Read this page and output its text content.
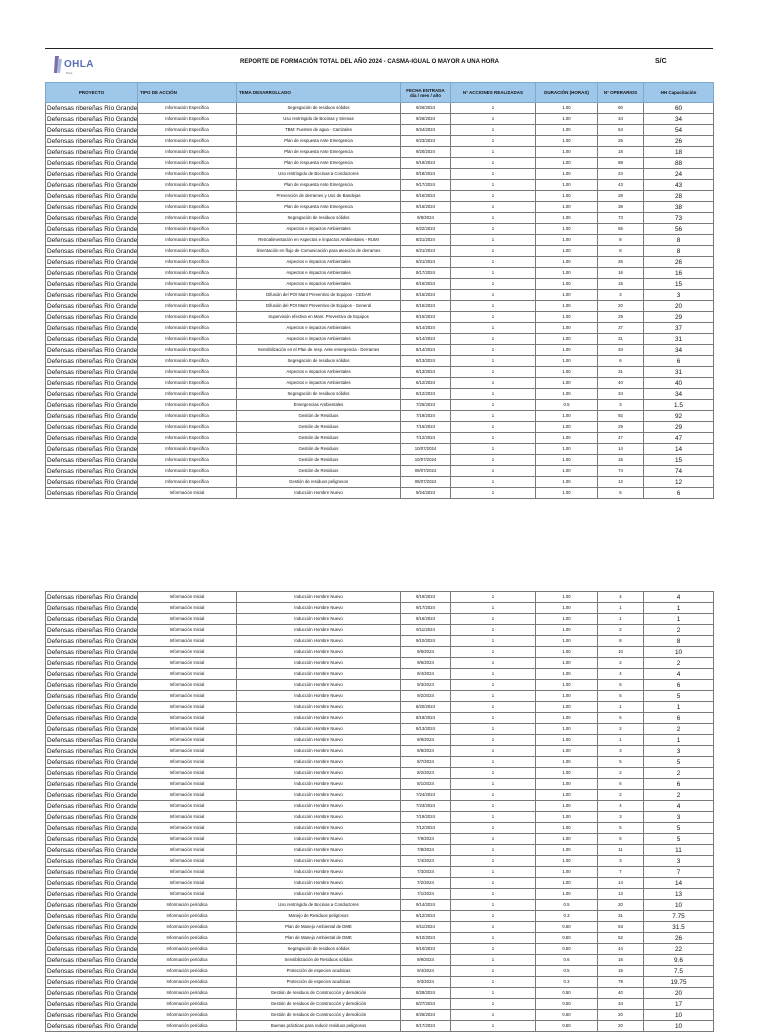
OHLA
Perú
REPORTE DE FORMACIÓN TOTAL DEL AÑO 2024 - CASMA-IGUAL O MAYOR A UNA HORA	S/C
PROYECTO	TIPO DE ACCIÓN	TEMA DESARROLLADO	FECHA ENTRADA
día / mes / año	N° ACCIONES REALIZADAS	DURACIÓN (HORAS)	N° OPERARIOS	HH Capacitación
Defensas ribereñas Río Grande	Información Específica	Segregación de residuos sólidos	9/26/2024	1	1.00	60	60
Defensas ribereñas Río Grande	Información Específica	Uso restringido de Bocinas y Sirenas	9/26/2024	1	1.00	34	34
Defensas ribereñas Río Grande	Información Específica	TBM: Fuentes de agua - Carrizales	9/24/2024	1	1.00	54	54
Defensas ribereñas Río Grande	Información Específica	Plan de respuesta Ante Emergencia	9/23/2024	1	1.00	26	26
Defensas ribereñas Río Grande	Información Específica	Plan de respuesta Ante Emergencia	9/20/2024	1	1.00	18	18
Defensas ribereñas Río Grande	Información Específica	Plan de respuesta Ante Emergencia	9/19/2024	1	1.00	88	88
Defensas ribereñas Río Grande	Información Específica	Uso restringido de Bocinas a Conductores	9/18/2024	1	1.00	24	24
Defensas ribereñas Río Grande	Información Específica	Plan de respuesta Ante Emergencia	9/17/2024	1	1.00	43	43
Defensas ribereñas Río Grande	Información Específica	Prevención de derrames y Uso de Bandejas	9/16/2024	1	1.00	28	28
Defensas ribereñas Río Grande	Información Específica	Plan de respuesta Ante Emergencia	9/16/2024	1	1.00	38	38
Defensas ribereñas Río Grande	Información Específica	Segregación de residuos sólidos	9/8/2024	1	1.00	73	73
Defensas ribereñas Río Grande	Información Específica	Aspectos e impactos Ambientales	8/22/2024	1	1.00	56	56
Defensas ribereñas Río Grande	Información Específica	Retroalimentación en Aspectos e impactos Ambientales - RUMI	8/21/2024	1	1.00	8	8
Defensas ribereñas Río Grande	Información Específica	limentación en flujo de Comunicación para atención de derrames	8/21/2024	1	1.00	8	8
Defensas ribereñas Río Grande	Información Específica	Aspectos e impactos Ambientales	8/21/2024	1	1.00	26	26
Defensas ribereñas Río Grande	Información Específica	Aspectos e impactos Ambientales	8/17/2024	1	1.00	16	16
Defensas ribereñas Río Grande	Información Específica	Aspectos e impactos Ambientales	8/16/2024	1	1.00	15	15
Defensas ribereñas Río Grande	Información Específica	Difusión del POI Mant Preventivo de Equipos - CEDAR	8/15/2024	1	1.00	3	3
Defensas ribereñas Río Grande	Información Específica	Difusión del POI Mant Preventivo de Equipos - General	8/15/2024	1	1.00	20	20
Defensas ribereñas Río Grande	Información Específica	Supervisión efectiva en Mant. Preventivo de Equipos	8/15/2024	1	1.00	29	29
Defensas ribereñas Río Grande	Información Específica	Aspectos e impactos Ambientales	8/14/2024	1	1.00	37	37
Defensas ribereñas Río Grande	Información Específica	Aspectos e impactos Ambientales	8/14/2024	1	1.00	31	31
Defensas ribereñas Río Grande	Información Específica	Sensibilización en el Plan de resp. Ante emergencia - Derrames	8/14/2024	1	1.00	34	34
Defensas ribereñas Río Grande	Información Específica	Segregación de residuos sólidos	8/13/2024	1	1.00	6	6
Defensas ribereñas Río Grande	Información Específica	Aspectos e impactos Ambientales	8/13/2024	1	1.00	31	31
Defensas ribereñas Río Grande	Información Específica	Aspectos e impactos Ambientales	8/12/2024	1	1.00	40	40
Defensas ribereñas Río Grande	Información Específica	Segregación de residuos sólidos	8/12/2024	1	1.00	34	34
Defensas ribereñas Río Grande	Información Específica	Emergencias Ambientales	7/25/2024	1	0.5	3	1.5
Defensas ribereñas Río Grande	Información Específica	Gestión de Residuos	7/19/2024	1	1.00	92	92
Defensas ribereñas Río Grande	Información Específica	Gestión de Residuos	7/16/2024	1	1.00	29	29
Defensas ribereñas Río Grande	Información Específica	Gestión de Residuos	7/12/2024	1	1.00	47	47
Defensas ribereñas Río Grande	Información Específica	Gestión de Residuos	10/07/2024	1	1.00	14	14
Defensas ribereñas Río Grande	Información Específica	Gestión de Residuos	10/07/2024	1	1.00	15	15
Defensas ribereñas Río Grande	Información Específica	Gestión de Residuos	09/07/2024	1	1.00	74	74
Defensas ribereñas Río Grande	Información Específica	Gestión de residuos peligrosos	08/07/2024	1	1.00	12	12
Defensas ribereñas Río Grande	Información Inicial	Inducción Hombre Nuevo	9/24/2024	1	1.00	6	6
Defensas ribereñas Río Grande	Información Inicial	Inducción Hombre Nuevo	9/19/2024	1	1.00	4	4
Defensas ribereñas Río Grande	Información Inicial	Inducción Hombre Nuevo	9/17/2024	1	1.00	1	1
Defensas ribereñas Río Grande	Información Inicial	Inducción Hombre Nuevo	9/16/2024	1	1.00	1	1
Defensas ribereñas Río Grande	Información Inicial	Inducción Hombre Nuevo	9/11/2024	1	1.00	2	2
Defensas ribereñas Río Grande	Información Inicial	Inducción Hombre Nuevo	9/10/2024	1	1.00	8	8
Defensas ribereñas Río Grande	Información Inicial	Inducción Hombre Nuevo	9/6/2024	1	1.00	10	10
Defensas ribereñas Río Grande	Información Inicial	Inducción Hombre Nuevo	9/6/2024	1	1.00	2	2
Defensas ribereñas Río Grande	Información Inicial	Inducción Hombre Nuevo	9/4/2024	1	1.00	4	4
Defensas ribereñas Río Grande	Información Inicial	Inducción Hombre Nuevo	9/3/2024	1	1.00	6	6
Defensas ribereñas Río Grande	Información Inicial	Inducción Hombre Nuevo	9/2/2024	1	1.00	5	5
Defensas ribereñas Río Grande	Información Inicial	Inducción Hombre Nuevo	8/20/2024	1	1.00	1	1
Defensas ribereñas Río Grande	Información Inicial	Inducción Hombre Nuevo	8/19/2024	1	1.00	6	6
Defensas ribereñas Río Grande	Información Inicial	Inducción Hombre Nuevo	8/13/2024	1	1.00	2	2
Defensas ribereñas Río Grande	Información Inicial	Inducción Hombre Nuevo	8/9/2024	1	1.00	1	1
Defensas ribereñas Río Grande	Información Inicial	Inducción Hombre Nuevo	8/8/2024	1	1.00	3	3
Defensas ribereñas Río Grande	Información Inicial	Inducción Hombre Nuevo	8/7/2024	1	1.00	5	5
Defensas ribereñas Río Grande	Información Inicial	Inducción Hombre Nuevo	8/2/2024	1	1.00	2	2
Defensas ribereñas Río Grande	Información Inicial	Inducción Hombre Nuevo	8/1/2024	1	1.00	6	6
Defensas ribereñas Río Grande	Información Inicial	Inducción Hombre Nuevo	7/24/2024	1	1.00	2	2
Defensas ribereñas Río Grande	Información Inicial	Inducción Hombre Nuevo	7/23/2024	1	1.00	4	4
Defensas ribereñas Río Grande	Información Inicial	Inducción Hombre Nuevo	7/19/2024	1	1.00	3	3
Defensas ribereñas Río Grande	Información Inicial	Inducción Hombre Nuevo	7/12/2024	1	1.00	5	5
Defensas ribereñas Río Grande	Información Inicial	Inducción Hombre Nuevo	7/9/2024	1	1.00	5	5
Defensas ribereñas Río Grande	Información Inicial	Inducción Hombre Nuevo	7/8/2024	1	1.00	11	11
Defensas ribereñas Río Grande	Información Inicial	Inducción Hombre Nuevo	7/4/2024	1	1.00	3	3
Defensas ribereñas Río Grande	Información Inicial	Inducción Hombre Nuevo	7/3/2024	1	1.00	7	7
Defensas ribereñas Río Grande	Información Inicial	Inducción Hombre Nuevo	7/2/2024	1	1.00	14	14
Defensas ribereñas Río Grande	Información Inicial	Inducción Hombre Nuevo	7/1/2024	1	1.00	13	13
Defensas ribereñas Río Grande	Información periódica	Uso restringido de Bocinas a Conductores	9/14/2024	1	0.5	20	10
Defensas ribereñas Río Grande	Información periódica	Manejo de Residuos peligrosos	9/12/2024	1	0.3	31	7.75
Defensas ribereñas Río Grande	Información periódica	Plan de Manejo Ambiental de DME	9/11/2024	1	0.50	63	31.5
Defensas ribereñas Río Grande	Información periódica	Plan de Manejo Ambiental de DME	9/10/2024	1	0.50	52	26
Defensas ribereñas Río Grande	Información periódica	Segregación de residuos sólidos	9/10/2024	1	0.50	44	22
Defensas ribereñas Río Grande	Información periódica	Sensibilización de Residuos sólidos	9/9/2024	1	0.6	16	9.6
Defensas ribereñas Río Grande	Información periódica	Protección de especies acuáticas	9/4/2024	1	0.5	15	7.5
Defensas ribereñas Río Grande	Información periódica	Protección de especies acuáticas	9/3/2024	1	0.3	79	19.75
Defensas ribereñas Río Grande	Información periódica	Gestión de residuos de Construcción y demolición	8/28/2024	1	0.50	40	20
Defensas ribereñas Río Grande	Información periódica	Gestión de residuos de Construcción y demolición	8/27/2024	1	0.50	34	17
Defensas ribereñas Río Grande	Información periódica	Gestión de residuos de Construcción y demolición	8/26/2024	1	0.50	20	10
Defensas ribereñas Río Grande	Información periódica	Buenas prácticas para reducir residuos peligrosos	8/17/2024	1	0.50	20	10
